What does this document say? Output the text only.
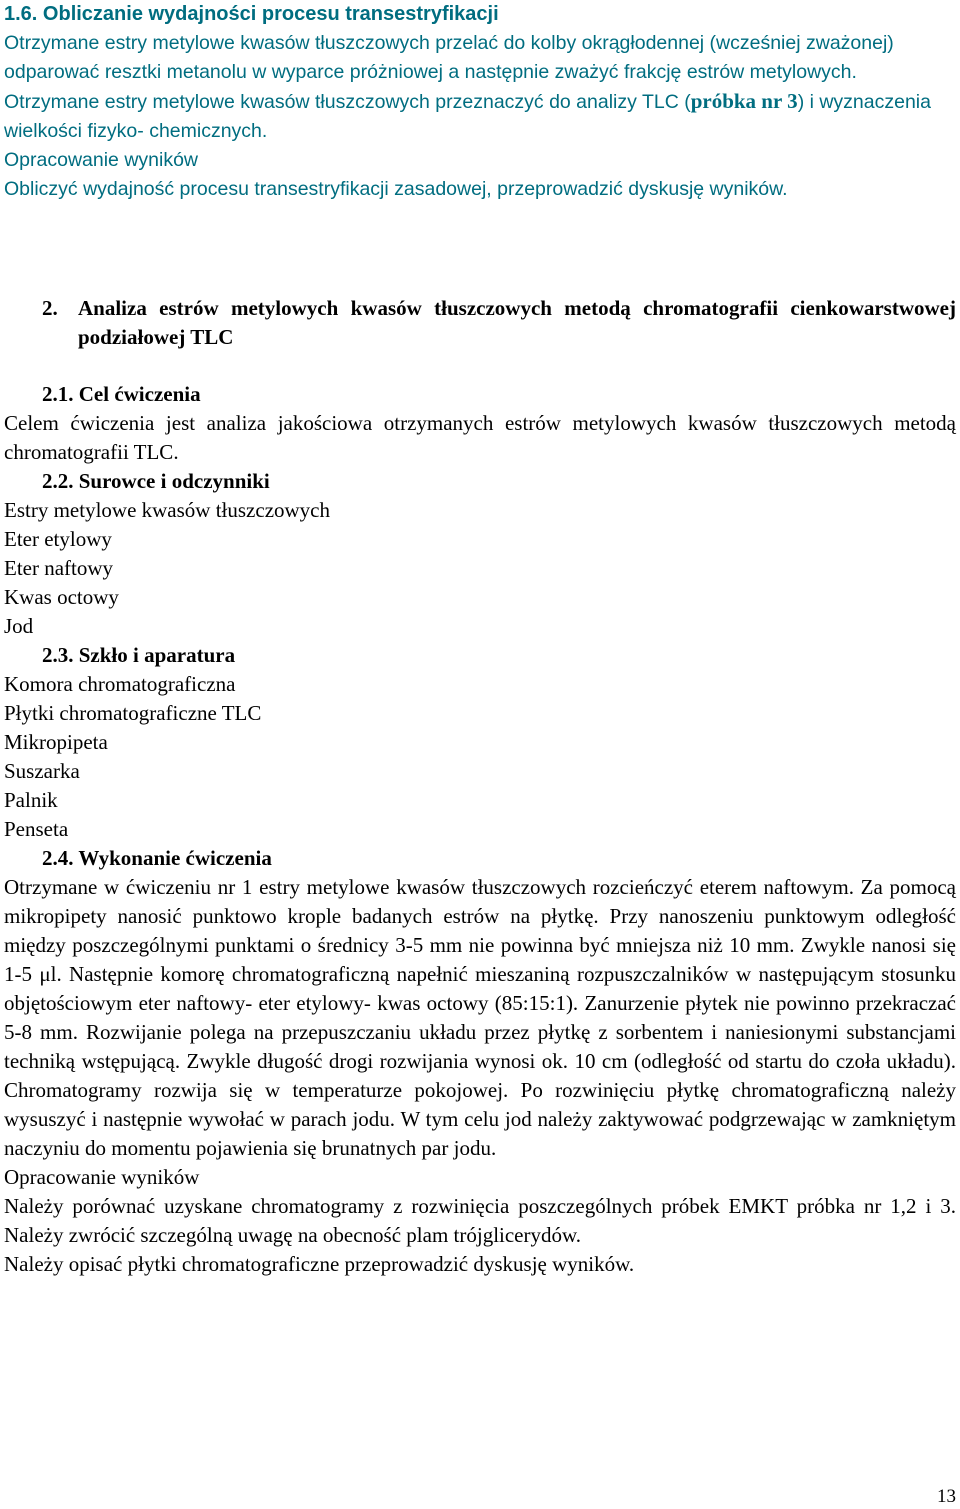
1.6. Obliczanie wydajności procesu transestryfikacji

Otrzymane estry metylowe kwasów tłuszczowych przelać do kolby okrągłodennej (wcześniej zważonej) odparować resztki metanolu w wyparce próżniowej a następnie zważyć frakcję estrów metylowych.

Otrzymane estry metylowe kwasów tłuszczowych przeznaczyć do analizy TLC (próbka nr 3) i wyznaczenia wielkości fizyko- chemicznych.

Opracowanie wyników

Obliczyć wydajność procesu transestryfikacji zasadowej, przeprowadzić dyskusję wyników.

2. Analiza estrów metylowych kwasów tłuszczowych metodą chromatografii cienkowarstwowej podziałowej TLC

2.1. Cel ćwiczenia

Celem ćwiczenia jest analiza jakościowa otrzymanych estrów metylowych kwasów tłuszczowych metodą chromatografii TLC.

2.2. Surowce i odczynniki

Estry metylowe kwasów tłuszczowych

Eter etylowy

Eter naftowy

Kwas octowy

Jod

2.3. Szkło i aparatura

Komora chromatograficzna

Płytki chromatograficzne TLC

Mikropipeta

Suszarka

Palnik

Penseta

2.4. Wykonanie ćwiczenia

Otrzymane w ćwiczeniu nr 1 estry metylowe kwasów tłuszczowych rozcieńczyć eterem naftowym. Za pomocą mikropipety nanosić punktowo krople badanych estrów na płytkę. Przy nanoszeniu punktowym odległość między poszczególnymi punktami o średnicy 3-5 mm nie powinna być mniejsza niż 10 mm. Zwykle nanosi się 1-5 μl. Następnie komorę chromatograficzną napełnić mieszaniną rozpuszczalników w następującym stosunku objętościowym eter naftowy- eter etylowy- kwas octowy (85:15:1). Zanurzenie płytek nie powinno przekraczać 5-8 mm. Rozwijanie polega na przepuszczaniu układu przez płytkę z sorbentem i naniesionymi substancjami techniką wstępującą. Zwykle długość drogi rozwijania wynosi ok. 10 cm (odległość od startu do czoła układu). Chromatogramy rozwija się w temperaturze pokojowej. Po rozwinięciu płytkę chromatograficzną należy wysuszyć i następnie wywołać w parach jodu. W tym celu jod należy zaktywować podgrzewając w zamkniętym naczyniu do momentu pojawienia się brunatnych par jodu.

Opracowanie wyników

Należy porównać uzyskane chromatogramy z rozwinięcia poszczególnych próbek EMKT próbka nr 1,2 i 3. Należy zwrócić szczególną uwagę na obecność plam trójglicerydów.

Należy opisać płytki chromatograficzne przeprowadzić dyskusję wyników.

13
